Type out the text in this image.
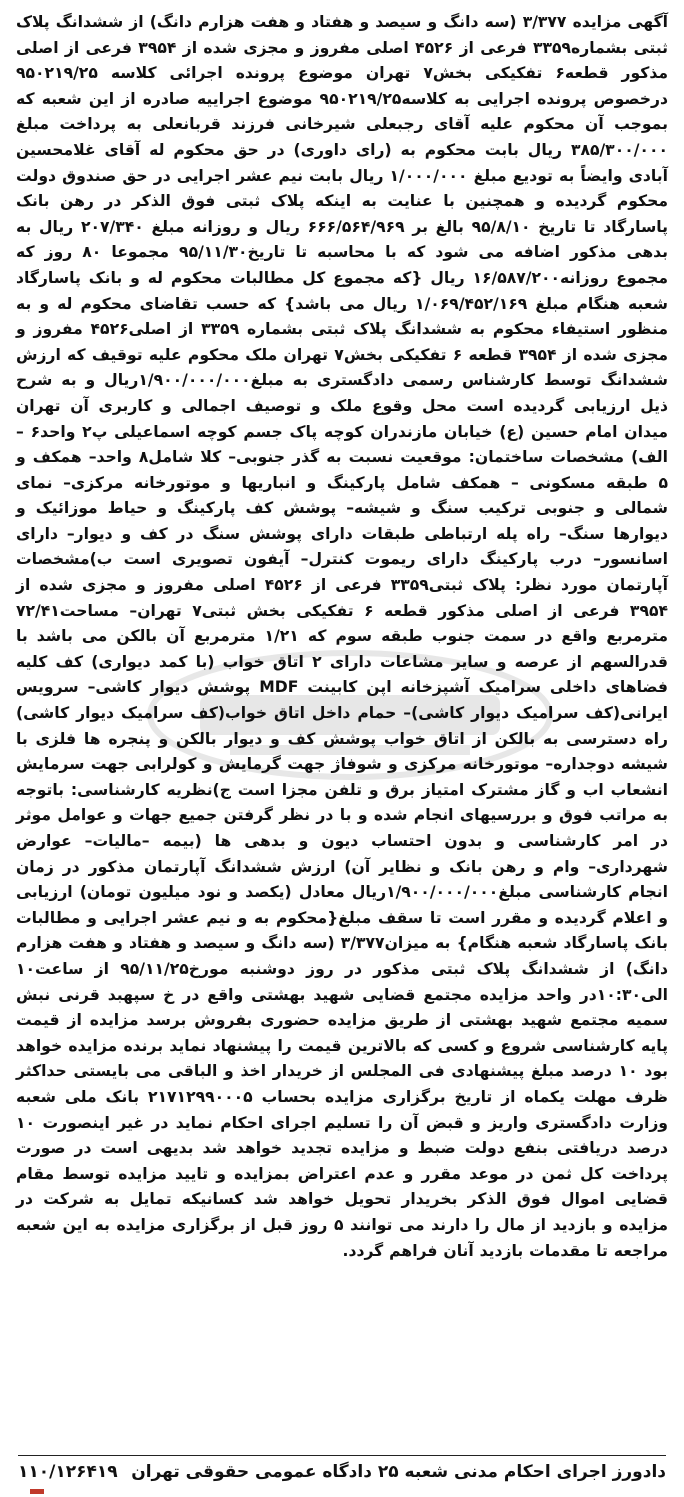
آگهی مزایده ۳/۳۷۷ (سه دانگ و سیصد و هفتاد و هفت هزارم دانگ) از ششدانگ پلاک ثبتی بشماره۳۳۵۹ فرعی از ۴۵۲۶ اصلی مفروز و مجزی شده از ۳۹۵۴ فرعی از اصلی مذکور قطعه۶ تفکیکی بخش۷ تهران موضوع پرونده اجرائی کلاسه ۹۵۰۲۱۹/۲۵ درخصوص پرونده اجرایی به کلاسه۹۵۰۲۱۹/۲۵ موضوع اجراییه صادره از این شعبه که بموجب آن محکوم علیه آقای رجبعلی شیرخانی فرزند قربانعلی به پرداخت مبلغ ۳۸۵/۳۰۰/۰۰۰ ریال بابت محکوم به (رای داوری) در حق محکوم له آقای غلامحسین آبادی وایضاً به تودیع مبلغ ۱/۰۰۰/۰۰۰ ریال بابت نیم عشر اجرایی در حق صندوق دولت محکوم گردیده و همچنین با عنایت به اینکه پلاک ثبتی فوق الذکر در رهن بانک پاسارگاد تا تاریخ ۹۵/۸/۱۰ بالغ بر ۶۶۶/۵۶۴/۹۶۹ ریال و روزانه مبلغ ۲۰۷/۳۴۰ ریال به بدهی مذکور اضافه می شود که با محاسبه تا تاریخ۹۵/۱۱/۳۰ مجموعا ۸۰ روز که مجموع روزانه۱۶/۵۸۷/۲۰۰ ریال {که مجموع کل مطالبات محکوم له و بانک پاسارگاد شعبه هنگام مبلغ ۱/۰۶۹/۴۵۲/۱۶۹ ریال می باشد} که حسب تقاضای محکوم له و به منظور استیفاء محکوم به ششدانگ پلاک ثبتی بشماره ۳۳۵۹ از اصلی۴۵۲۶ مفروز و مجزی شده از ۳۹۵۴ قطعه ۶ تفکیکی بخش۷ تهران ملک محکوم علیه توقیف که ارزش ششدانگ توسط کارشناس رسمی دادگستری به مبلغ۱/۹۰۰/۰۰۰/۰۰۰ریال و به شرح ذیل ارزیابی گردیده است محل وقوع ملک و توصیف اجمالی و کاربری آن تهران میدان امام حسین (ع) خیابان مازندران کوچه پاک جسم کوچه اسماعیلی پ۲ واحد۶ – الف) مشخصات ساختمان: موقعیت نسبت به گذر جنوبی– کلا شامل۸ واحد– همکف و ۵ طبقه مسکونی – همکف شامل پارکینگ و انباریها و موتورخانه مرکزی– نمای شمالی و جنوبی ترکیب سنگ و شیشه– پوشش کف پارکینگ و حیاط موزائیک و دیوارها سنگ– راه پله ارتباطی طبقات دارای پوشش سنگ در کف و دیوار– دارای اسانسور– درب پارکینگ دارای ریموت کنترل– آیفون تصویری است ب)مشخصات آپارتمان مورد نظر: پلاک ثبتی۳۳۵۹ فرعی از ۴۵۲۶ اصلی مفروز و مجزی شده از ۳۹۵۴ فرعی از اصلی مذکور قطعه ۶ تفکیکی بخش ثبتی۷ تهران– مساحت۷۲/۴۱ مترمربع واقع در سمت جنوب طبقه سوم که ۱/۲۱ مترمربع آن بالکن می باشد با قدرالسهم از عرصه و سایر مشاعات دارای ۲ اتاق خواب (با کمد دیواری) کف کلیه فضاهای داخلی سرامیک آشپزخانه اپن کابینت MDF پوشش دیوار کاشی– سرویس ایرانی(کف سرامیک دیوار کاشی)– حمام داخل اتاق خواب(کف سرامیک دیوار کاشی) راه دسترسی به بالکن از اتاق خواب پوشش کف و دیوار بالکن و پنجره ها فلزی با شیشه دوجداره– موتورخانه مرکزی و شوفاژ جهت گرمایش و کولرابی جهت سرمایش انشعاب اب و گاز مشترک امتیاز برق و تلفن مجزا است ج)نظریه کارشناسی: باتوجه به مراتب فوق و بررسیهای انجام شده و با در نظر گرفتن جمیع جهات و عوامل موثر در امر کارشناسی و بدون احتساب دیون و بدهی ها (بیمه –مالیات– عوارض شهرداری– وام و رهن بانک و نظایر آن) ارزش ششدانگ آپارتمان مذکور در زمان انجام کارشناسی مبلغ۱/۹۰۰/۰۰۰/۰۰۰ریال معادل (یکصد و نود میلیون تومان) ارزیابی و اعلام گردیده و مقرر است تا سقف مبلغ{محکوم به و نیم عشر اجرایی و مطالبات بانک پاسارگاد شعبه هنگام} به میزان۳/۳۷۷ (سه دانگ و سیصد و هفتاد و هفت هزارم دانگ) از ششدانگ پلاک ثبتی مذکور در روز دوشنبه مورخ۹۵/۱۱/۲۵ از ساعت۱۰ الی۱۰:۳۰در واحد مزایده مجتمع قضایی شهید بهشتی واقع در خ سپهبد قرنی نبش سمیه مجتمع شهید بهشتی از طریق مزایده حضوری بفروش برسد مزایده از قیمت پایه کارشناسی شروع و کسی که بالاترین قیمت را پیشنهاد نماید برنده مزایده خواهد بود ۱۰ درصد مبلغ پیشنهادی فی المجلس از خریدار اخذ و الباقی می بایستی حداکثر ظرف مهلت یکماه از تاریخ برگزاری مزایده بحساب ۲۱۷۱۲۹۹۰۰۰۵ بانک ملی شعبه وزارت دادگستری واریز و قبض آن را تسلیم اجرای احکام نماید در غیر اینصورت ۱۰ درصد دریافتی بنفع دولت ضبط و مزایده تجدید خواهد شد بدیهی است در صورت پرداخت کل ثمن در موعد مقرر و عدم اعتراض بمزایده و تایید مزایده توسط مقام قضایی اموال فوق الذکر بخریدار تحویل خواهد شد کسانیکه تمایل به شرکت در مزایده و بازدید از مال را دارند می توانند ۵ روز قبل از برگزاری مزایده به این شعبه مراجعه تا مقدمات بازدید آنان فراهم گردد.

دادورز اجرای احکام مدنی شعبه ۲۵ دادگاه عمومی حقوقی تهران
۱۱۰/۱۲۶۴۱۹
